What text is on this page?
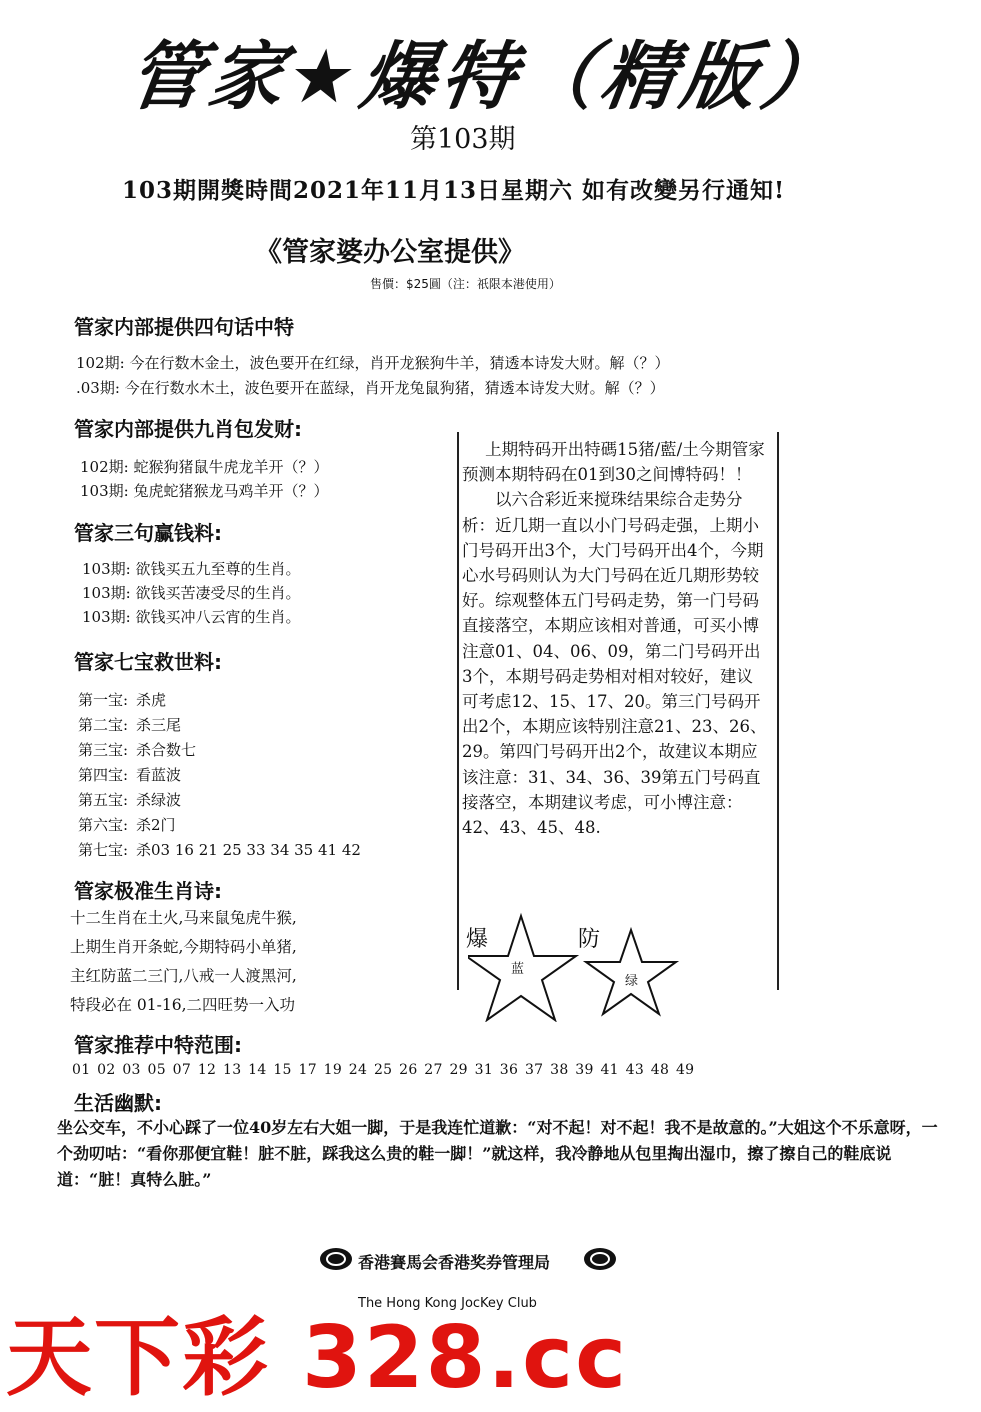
管家★爆特（精版）
第103期
103期開獎時間2021年11月13日星期六 如有改變另行通知!
《管家婆办公室提供》
售價：$25圓（注：祇限本港使用）
管家内部提供四句话中特
102期: 今在行数木金土，波色要开在红绿，肖开龙猴狗牛羊，猜透本诗发大财。解（？）
.03期: 今在行数水木土，波色要开在蓝绿，肖开龙兔鼠狗猪，猜透本诗发大财。解（？）
管家内部提供九肖包发财:
102期: 蛇猴狗猪鼠牛虎龙羊开（？）
103期: 兔虎蛇猪猴龙马鸡羊开（？）
管家三句赢钱料:
103期: 欲钱买五九至尊的生肖。
103期: 欲钱买苦凄受尽的生肖。
103期: 欲钱买冲八云宵的生肖。
管家七宝救世料:
第一宝: 杀虎
第二宝: 杀三尾
第三宝: 杀合数七
第四宝: 看蓝波
第五宝: 杀绿波
第六宝: 杀2门
第七宝: 杀03 16 21 25 33 34 35 41 42
管家极准生肖诗:
十二生肖在土火,马来鼠兔虎牛猴,
上期生肖开条蛇,今期特码小单猪,
主红防蓝二三门,八戒一人渡黑河,
特段必在 01-16,二四旺势一入功

上期特码开出特碼15猪/藍/土今期管家预测本期特码在01到30之间博特码！！

以六合彩近来搅珠结果综合走势分析：近几期一直以小门号码走强，上期小门号码开出3个，大门号码开出4个，今期心水号码则认为大门号码在近几期形势较好。综观整体五门号码走势，第一门号码直接落空，本期应该相对普通，可买小博注意01、04、06、09，第二门号码开出3个，本期号码走势相对相对较好，建议可考虑12、15、17、20。第三门号码开出2个，本期应该特别注意21、23、26、29。第四门号码开出2个，故建议本期应该注意：31、34、36、39第五门号码直接落空，本期建议考虑，可小博注意：42、43、45、48.

爆	防
蓝
绿
管家推荐中特范围:
01 02 03 05 07 12 13 14 15 17 19 24 25 26 27 29 31 36 37 38 39 41 43 48 49
生活幽默:
坐公交车，不小心踩了一位40岁左右大姐一脚，于是我连忙道歉：“对不起！对不起！我不是故意的。”大姐这个不乐意呀，一个劲叨咕：“看你那便宜鞋！脏不脏，踩我这么贵的鞋一脚！”就这样，我冷静地从包里掏出湿巾，擦了擦自己的鞋底说道：“脏！真特么脏。”
香港賽馬会香港奖券管理局
The Hong Kong JocKey Club
天下彩 328.cc
